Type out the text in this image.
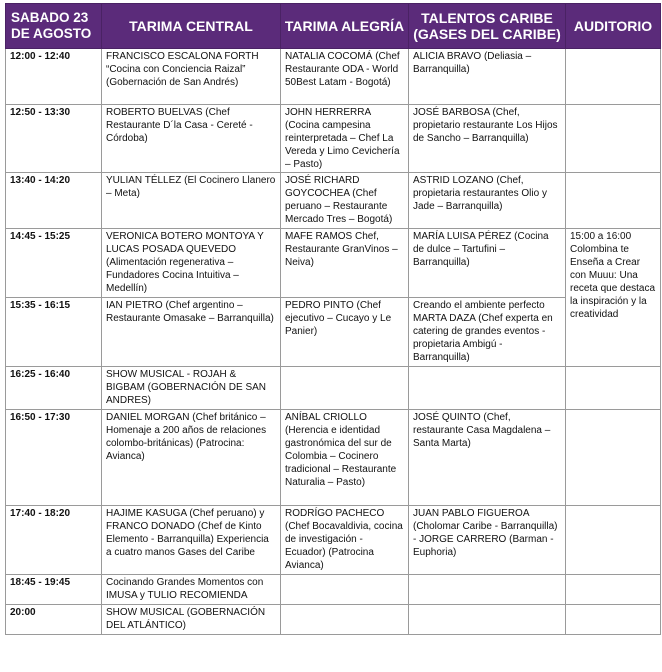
SABADO 23
DE AGOSTO	TARIMA CENTRAL	TARIMA ALEGRÍA	TALENTOS CARIBE
(GASES DEL CARIBE)	AUDITORIO
12:00 - 12:40	FRANCISCO ESCALONA FORTH
“Cocina con Conciencia Raizal”
(Gobernación de San Andrés)	NATALIA COCOMÁ (Chef Restaurante ODA - World 50Best Latam - Bogotá)	ALICIA BRAVO (Deliasia – Barranquilla)	
12:50 - 13:30	ROBERTO BUELVAS (Chef Restaurante D´la Casa - Cereté - Córdoba)	JOHN HERRERRA
(Cocina campesina reinterpretada – Chef La Vereda y Limo Cevichería – Pasto)	JOSÉ BARBOSA (Chef, propietario restaurante Los Hijos de Sancho – Barranquilla)	
13:40 - 14:20	YULIAN TÉLLEZ (El Cocinero Llanero – Meta)	JOSÉ RICHARD GOYCOCHEA (Chef peruano – Restaurante Mercado Tres – Bogotá)	ASTRID LOZANO (Chef, propietaria restaurantes Olio y Jade – Barranquilla)	
14:45 - 15:25	VERONICA BOTERO MONTOYA Y LUCAS POSADA QUEVEDO
(Alimentación regenerativa – Fundadores Cocina Intuitiva – Medellín)	MAFE RAMOS Chef, Restaurante GranVinos – Neiva)	MARÍA LUISA PÉREZ (Cocina de dulce – Tartufini – Barranquilla)	15:00 a 16:00 Colombina te Enseña a Crear con Muuu: Una receta que destaca la inspiración y la creatividad
15:35 - 16:15	IAN PIETRO (Chef argentino – Restaurante Omasake – Barranquilla)	PEDRO PINTO (Chef ejecutivo – Cucayo y Le Panier)	Creando el ambiente perfecto MARTA DAZA (Chef experta en catering de grandes eventos - propietaria Ambigú - Barranquilla)	
16:25 - 16:40	SHOW MUSICAL - ROJAH & BIGBAM (GOBERNACIÓN DE SAN ANDRES)			
16:50 - 17:30	DANIEL MORGAN (Chef británico – Homenaje a 200 años de relaciones colombo-británicas) (Patrocina: Avianca)	ANÍBAL CRIOLLO
(Herencia e identidad gastronómica del sur de Colombia – Cocinero tradicional – Restaurante Naturalia – Pasto)	JOSÉ QUINTO (Chef, restaurante Casa Magdalena – Santa Marta)	
17:40 - 18:20	HAJIME KASUGA (Chef peruano) y FRANCO DONADO (Chef de Kinto Elemento - Barranquilla) Experiencia a cuatro manos Gases del Caribe	RODRÍGO PACHECO
(Chef Bocavaldivia, cocina de investigación - Ecuador) (Patrocina Avianca)	JUAN PABLO FIGUEROA (Cholomar Caribe - Barranquilla) - JORGE CARRERO (Barman - Euphoria)	
18:45 - 19:45	Cocinando Grandes Momentos con IMUSA y TULIO RECOMIENDA			
20:00	SHOW MUSICAL (GOBERNACIÓN DEL ATLÁNTICO)			
